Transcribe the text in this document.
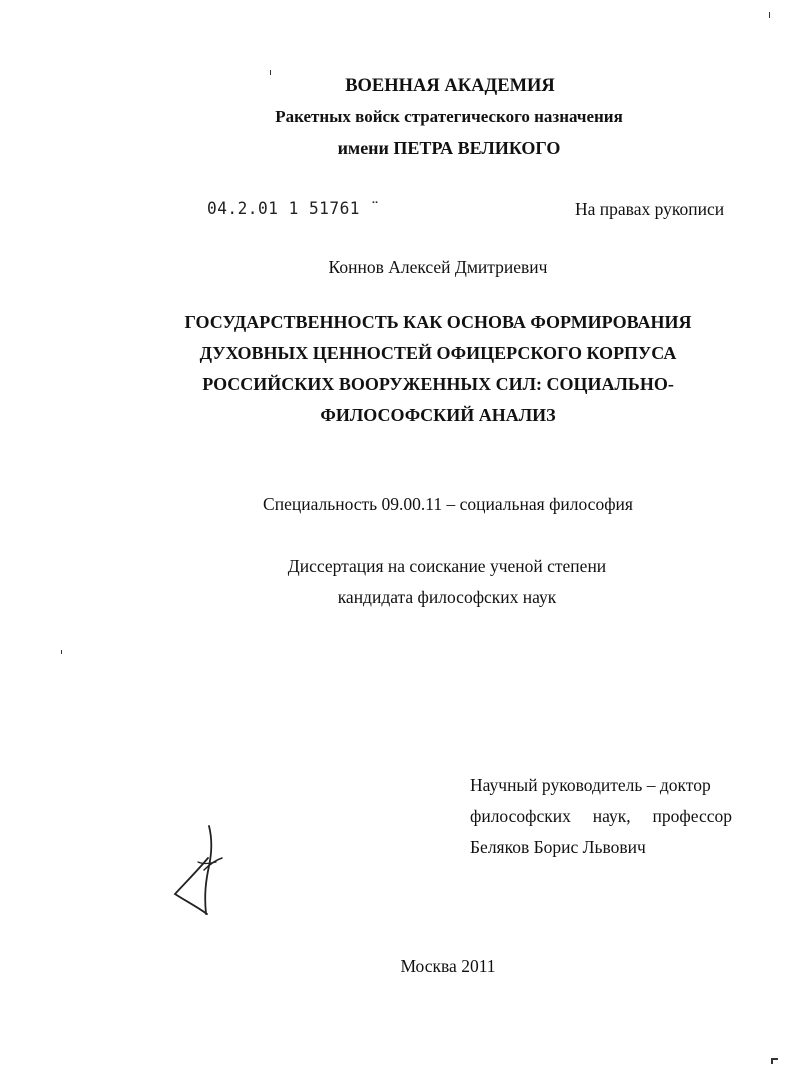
ВОЕННАЯ АКАДЕМИЯ
Ракетных войск стратегического назначения
имени ПЕТРА ВЕЛИКОГО
04.2.01 1 51761 ¨	На правах рукописи
Коннов Алексей Дмитриевич
ГОСУДАРСТВЕННОСТЬ КАК ОСНОВА ФОРМИРОВАНИЯ
ДУХОВНЫХ ЦЕННОСТЕЙ ОФИЦЕРСКОГО КОРПУСА
РОССИЙСКИХ ВООРУЖЕННЫХ СИЛ: СОЦИАЛЬНО-
ФИЛОСОФСКИЙ АНАЛИЗ
Специальность 09.00.11 – социальная философия
Диссертация на соискание ученой степени
кандидата философских наук
Научный руководитель – доктор
философских наук, профессор
Беляков Борис Львович
Москва 2011
